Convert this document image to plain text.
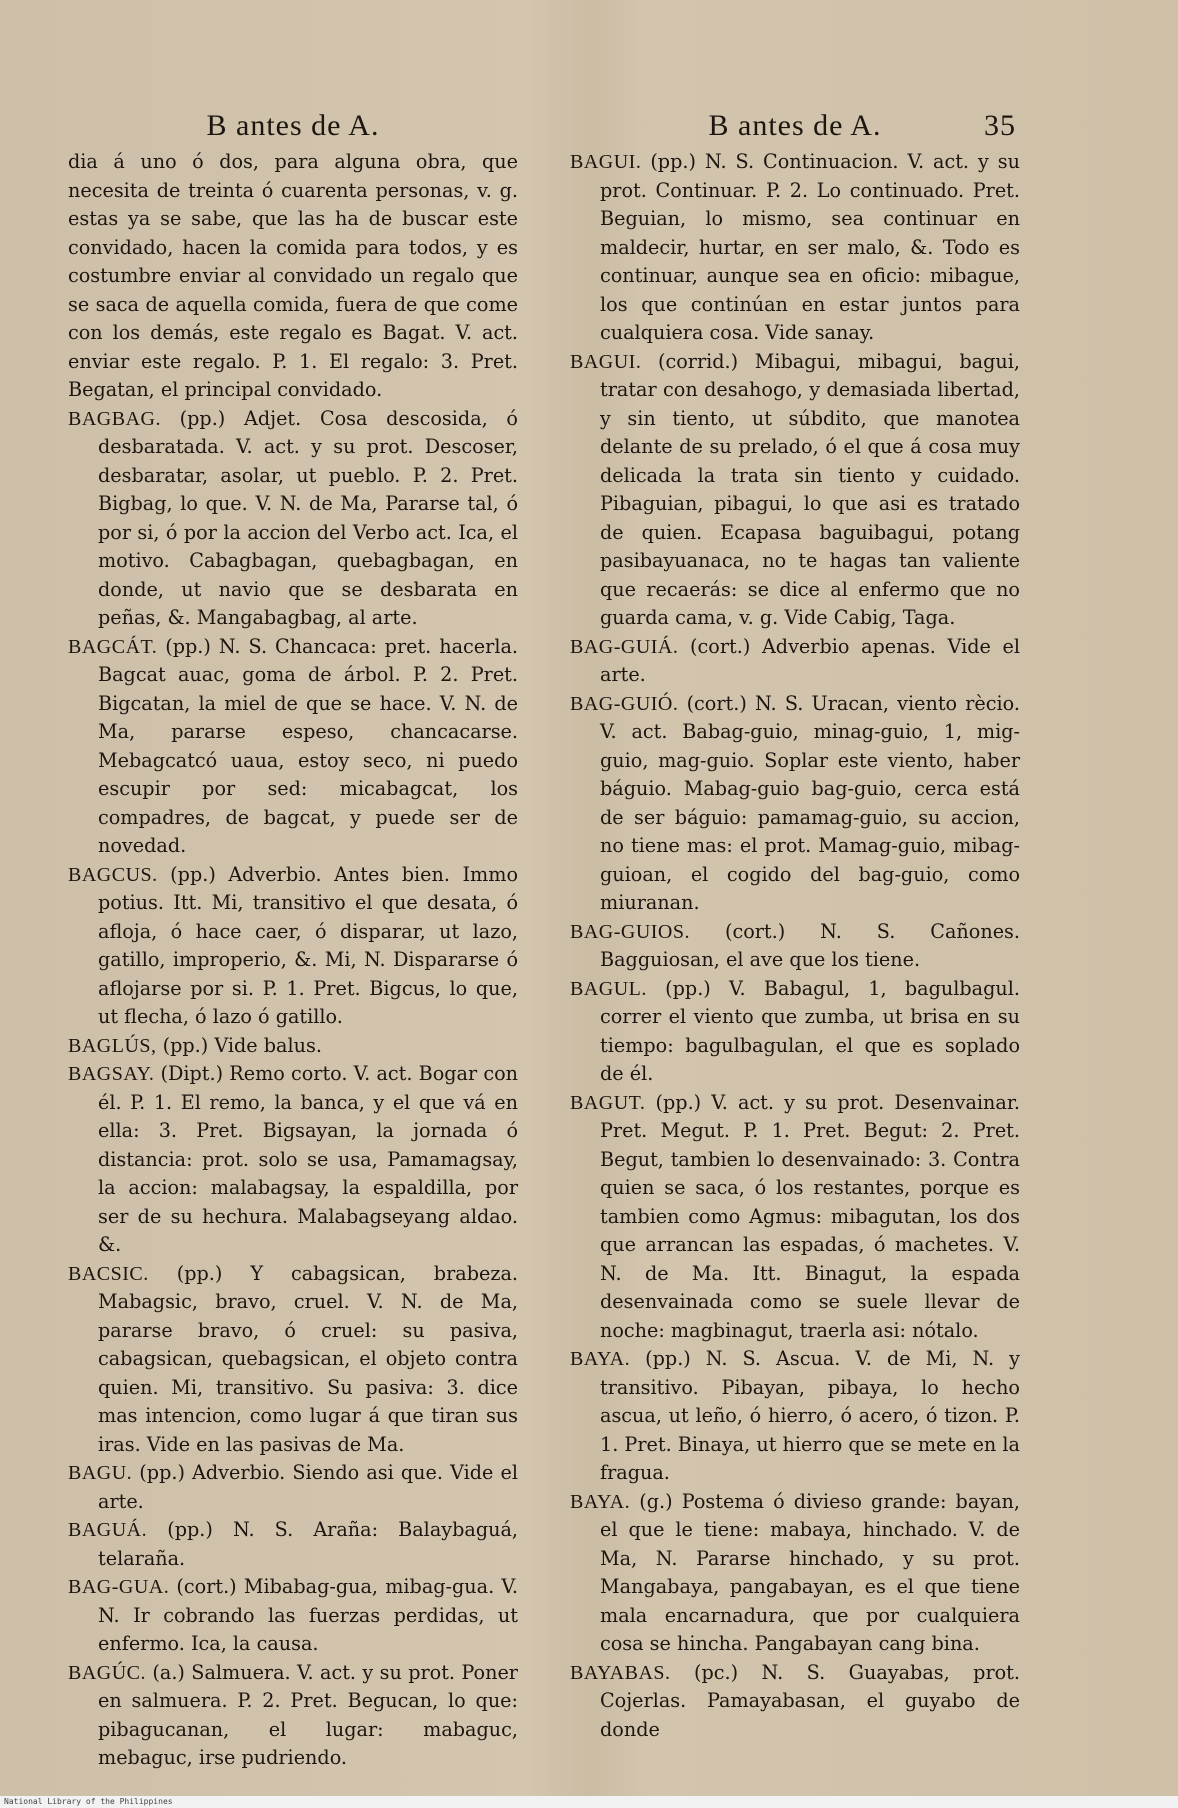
B antes de A.

dia á uno ó dos, para alguna obra, que necesita de treinta ó cuarenta personas, v. g. estas ya se sabe, que las ha de buscar este convidado, hacen la comida para todos, y es costumbre enviar al convidado un regalo que se saca de aquella comida, fuera de que come con los demás, este regalo es Bagat. V. act. enviar este regalo. P. 1. El regalo: 3. Pret. Begatan, el principal convidado.

BAGBAG. (pp.) Adjet. Cosa descosida, ó desbaratada. V. act. y su prot. Descoser, desbaratar, asolar, ut pueblo. P. 2. Pret. Bigbag, lo que. V. N. de Ma, Pararse tal, ó por si, ó por la accion del Verbo act. Ica, el motivo. Cabagbagan, quebagbagan, en donde, ut navio que se desbarata en peñas, &. Mangabagbag, al arte.

BAGCÁT. (pp.) N. S. Chancaca: pret. hacerla. Bagcat auac, goma de árbol. P. 2. Pret. Bigcatan, la miel de que se hace. V. N. de Ma, pararse espeso, chancacarse. Mebagcatcó uaua, estoy seco, ni puedo escupir por sed: micabagcat, los compadres, de bagcat, y puede ser de novedad.

BAGCUS. (pp.) Adverbio. Antes bien. Immo potius. Itt. Mi, transitivo el que desata, ó afloja, ó hace caer, ó disparar, ut lazo, gatillo, improperio, &. Mi, N. Dispararse ó aflojarse por si. P. 1. Pret. Bigcus, lo que, ut flecha, ó lazo ó gatillo.

BAGLÚS, (pp.) Vide balus.

BAGSAY. (Dipt.) Remo corto. V. act. Bogar con él. P. 1. El remo, la banca, y el que vá en ella: 3. Pret. Bigsayan, la jornada ó distancia: prot. solo se usa, Pamamagsay, la accion: malabagsay, la espaldilla, por ser de su hechura. Malabagseyang aldao. &.

BACSIC. (pp.) Y cabagsican, brabeza. Mabagsic, bravo, cruel. V. N. de Ma, pararse bravo, ó cruel: su pasiva, cabagsican, quebagsican, el objeto contra quien. Mi, transitivo. Su pasiva: 3. dice mas intencion, como lugar á que tiran sus iras. Vide en las pasivas de Ma.

BAGU. (pp.) Adverbio. Siendo asi que. Vide el arte.

BAGUÁ. (pp.) N. S. Araña: Balaybaguá, telaraña.

BAG-GUA. (cort.) Mibabag-gua, mibag-gua. V. N. Ir cobrando las fuerzas perdidas, ut enfermo. Ica, la causa.

BAGÚC. (a.) Salmuera. V. act. y su prot. Poner en salmuera. P. 2. Pret. Begucan, lo que: pibagucanan, el lugar: mabaguc, mebaguc, irse pudriendo.

B antes de A.	35

BAGUI. (pp.) N. S. Continuacion. V. act. y su prot. Continuar. P. 2. Lo continuado. Pret. Beguian, lo mismo, sea continuar en maldecir, hurtar, en ser malo, &. Todo es continuar, aunque sea en oficio: mibague, los que continúan en estar juntos para cualquiera cosa. Vide sanay.

BAGUI. (corrid.) Mibagui, mibagui, bagui, tratar con desahogo, y demasiada libertad, y sin tiento, ut súbdito, que manotea delante de su prelado, ó el que á cosa muy delicada la trata sin tiento y cuidado. Pibaguian, pibagui, lo que asi es tratado de quien. Ecapasa baguibagui, potang pasibayuanaca, no te hagas tan valiente que recaerás: se dice al enfermo que no guarda cama, v. g. Vide Cabig, Taga.

BAG-GUIÁ. (cort.) Adverbio apenas. Vide el arte.

BAG-GUIÓ. (cort.) N. S. Uracan, viento rècio. V. act. Babag-guio, minag-guio, 1, mig-guio, mag-guio. Soplar este viento, haber báguio. Mabag-guio bag-guio, cerca está de ser báguio: pamamag-guio, su accion, no tiene mas: el prot. Mamag-guio, mibag-guioan, el cogido del bag-guio, como miuranan.

BAG-GUIOS. (cort.) N. S. Cañones. Bagguiosan, el ave que los tiene.

BAGUL. (pp.) V. Babagul, 1, bagulbagul. correr el viento que zumba, ut brisa en su tiempo: bagulbagulan, el que es soplado de él.

BAGUT. (pp.) V. act. y su prot. Desenvainar. Pret. Megut. P. 1. Pret. Begut: 2. Pret. Begut, tambien lo desenvainado: 3. Contra quien se saca, ó los restantes, porque es tambien como Agmus: mibagutan, los dos que arrancan las espadas, ó machetes. V. N. de Ma. Itt. Binagut, la espada desenvainada como se suele llevar de noche: magbinagut, traerla asi: nótalo.

BAYA. (pp.) N. S. Ascua. V. de Mi, N. y transitivo. Pibayan, pibaya, lo hecho ascua, ut leño, ó hierro, ó acero, ó tizon. P. 1. Pret. Binaya, ut hierro que se mete en la fragua.

BAYA. (g.) Postema ó divieso grande: bayan, el que le tiene: mabaya, hinchado. V. de Ma, N. Pararse hinchado, y su prot. Mangabaya, pangabayan, es el que tiene mala encarnadura, que por cualquiera cosa se hincha. Pangabayan cang bina.

BAYABAS. (pc.) N. S. Guayabas, prot. Cojerlas. Pamayabasan, el guyabo de donde

National Library of the Philippines
